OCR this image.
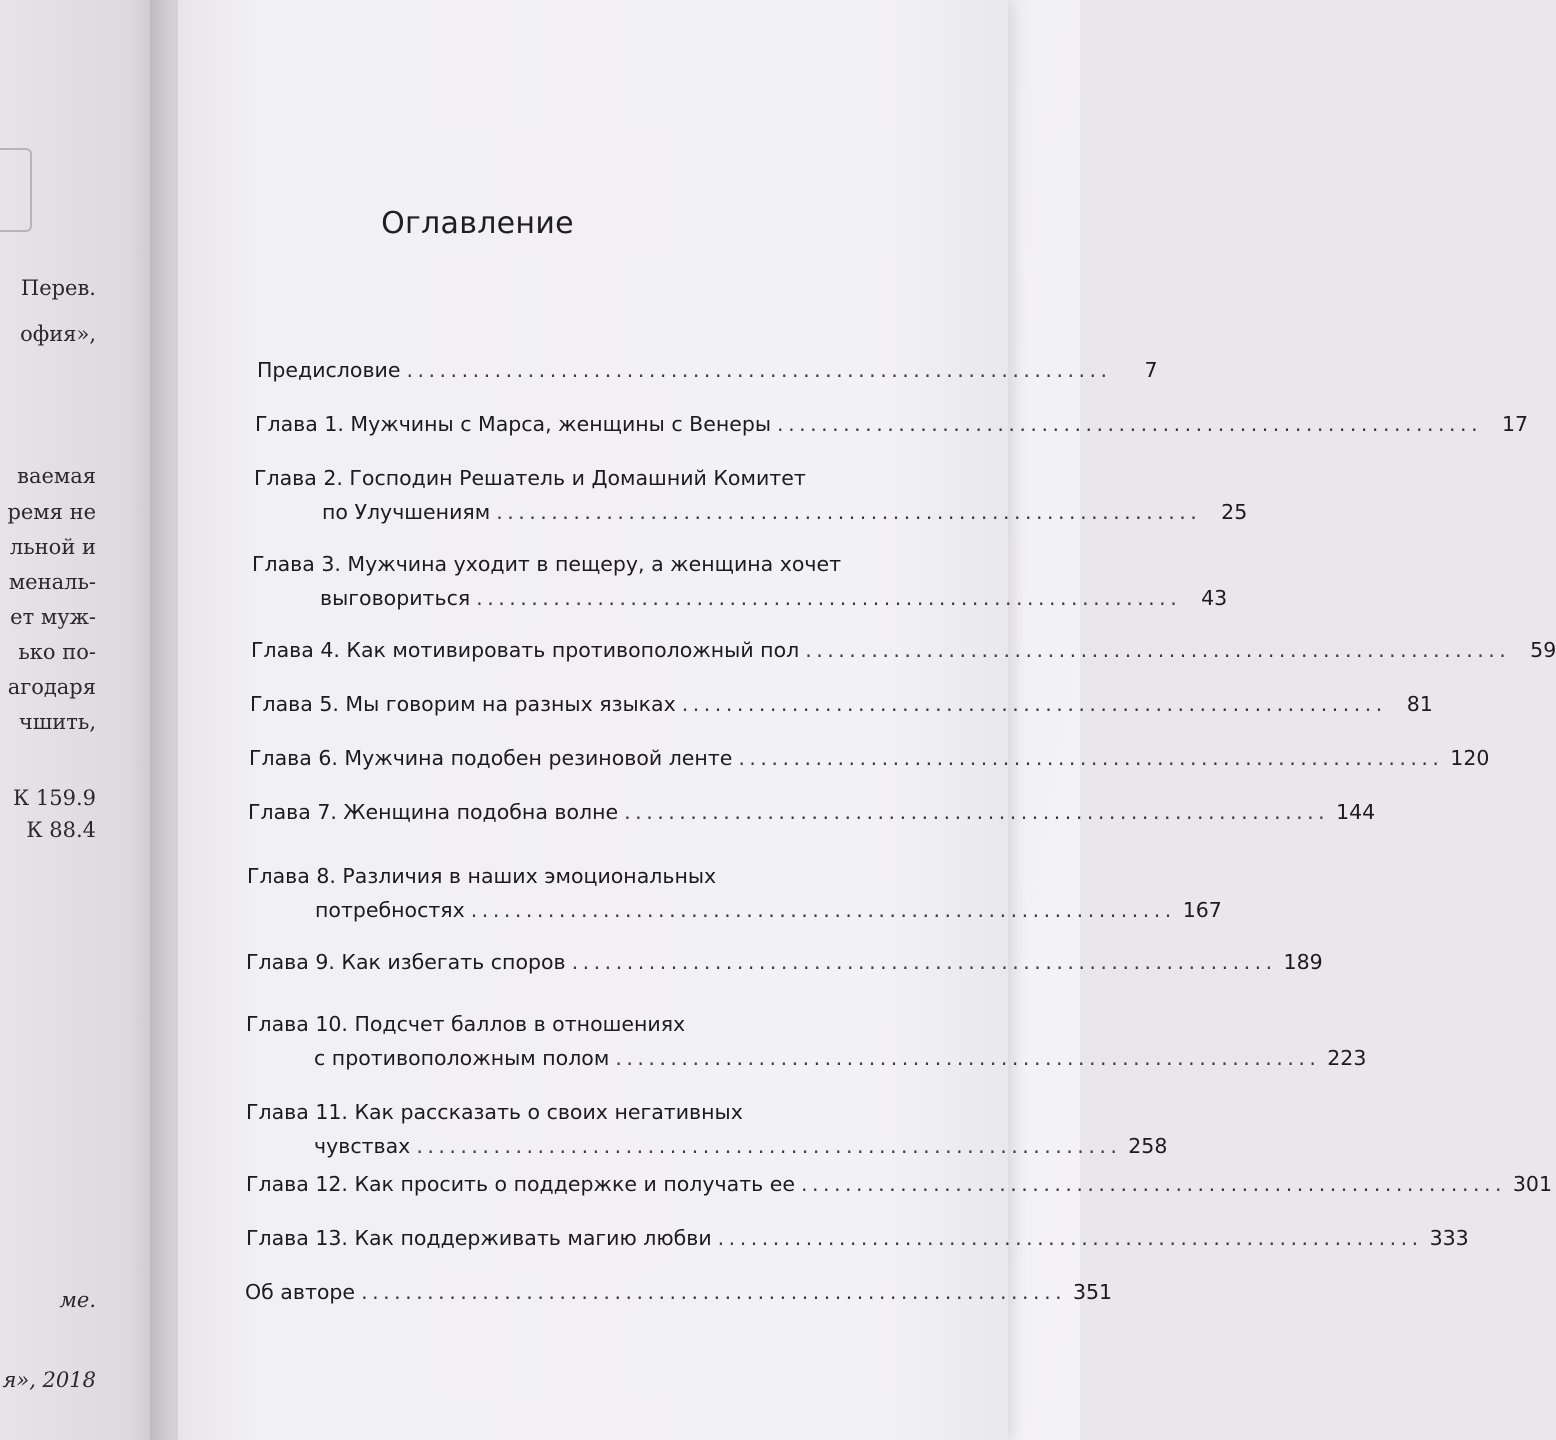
Перев.
офия»,
ваемая
ремя не
льной и
меналь-
ет муж-
ько по-
агодаря
чшить,
К 159.9
К 88.4
ме.
я», 2018
Оглавление
Предисловие ................................................................	7
Глава 1. Мужчины с Марса, женщины с Венеры ................................................................ 17
Глава 2. Господин Решатель и Домашний Комитет
по Улучшениям ................................................................ 25
Глава 3. Мужчина уходит в пещеру, а женщина хочет
выговориться ................................................................ 43
Глава 4. Как мотивировать противоположный пол ................................................................ 59
Глава 5. Мы говорим на разных языках ................................................................ 81
Глава 6. Мужчина подобен резиновой ленте ................................................................ 120
Глава 7. Женщина подобна волне ................................................................ 144
Глава 8. Различия в наших эмоциональных
потребностях ................................................................ 167
Глава 9. Как избегать споров ................................................................ 189
Глава 10. Подсчет баллов в отношениях
с противоположным полом ................................................................ 223
Глава 11. Как рассказать о своих негативных
чувствах ................................................................ 258
Глава 12. Как просить о поддержке и получать ее ................................................................ 301
Глава 13. Как поддерживать магию любви ................................................................ 333
Об авторе ................................................................ 351
